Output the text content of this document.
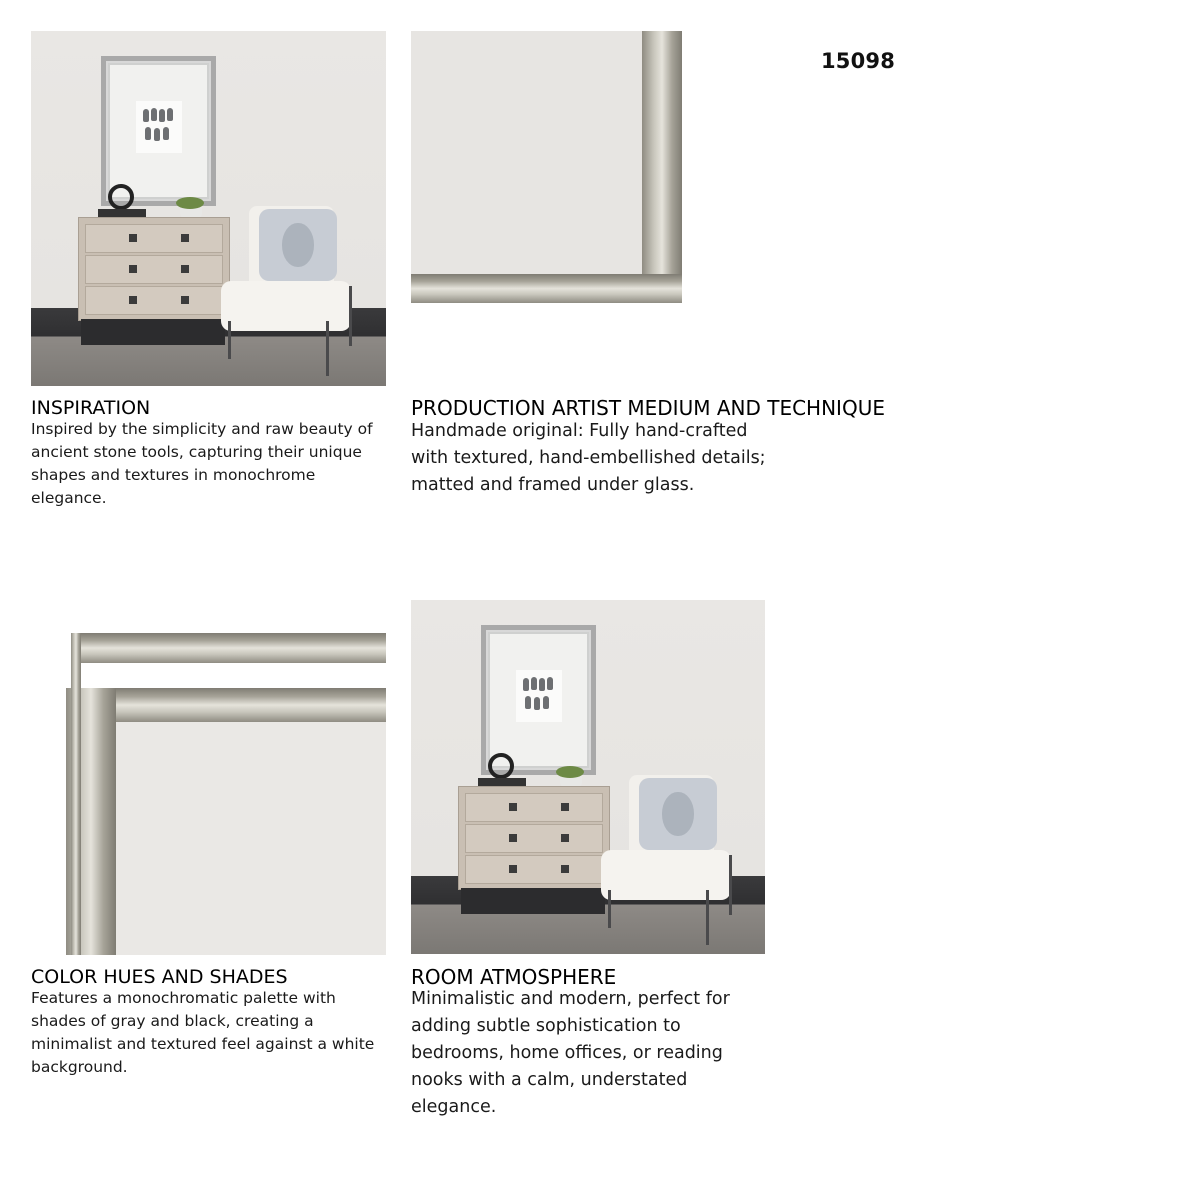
15098
INSPIRATION
Inspired by the simplicity and raw beauty of ancient stone tools, capturing their unique shapes and textures in monochrome elegance.
PRODUCTION ARTIST MEDIUM AND TECHNIQUE
Handmade original: Fully hand-crafted with textured, hand-embellished details; matted and framed under glass.
COLOR HUES AND SHADES
Features a monochromatic palette with shades of gray and black, creating a minimalist and textured feel against a white background.
ROOM ATMOSPHERE
Minimalistic and modern, perfect for adding subtle sophistication to bedrooms, home offices, or reading nooks with a calm, understated elegance.
